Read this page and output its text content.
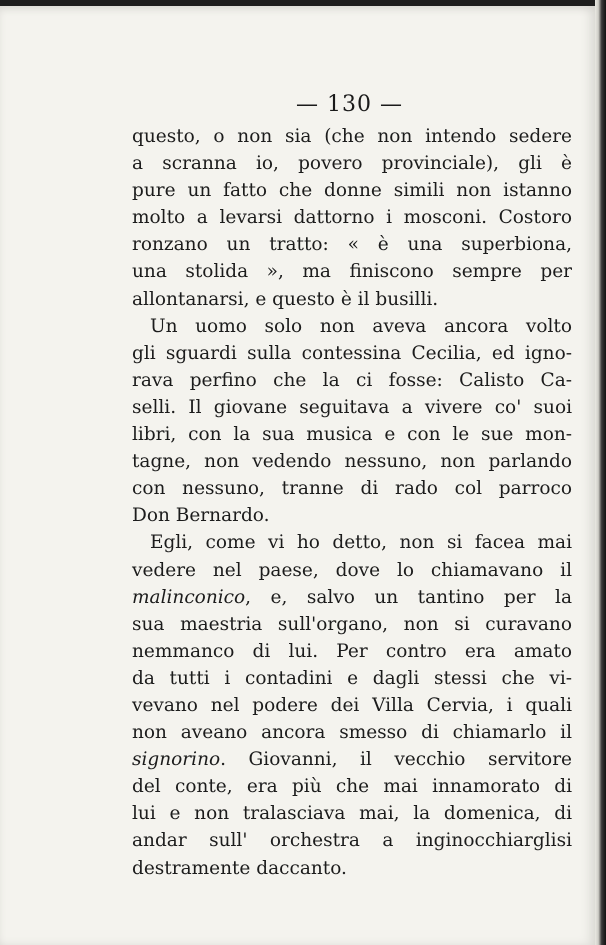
— 130 —
questo, o non sia (che non intendo sedere
a scranna io, povero provinciale), gli è
pure un fatto che donne simili non istanno
molto a levarsi dattorno i mosconi. Costoro
ronzano un tratto: « è una superbiona,
una stolida », ma finiscono sempre per
allontanarsi, e questo è il busilli.
Un uomo solo non aveva ancora volto
gli sguardi sulla contessina Cecilia, ed igno-
rava perfino che la ci fosse: Calisto Ca-
selli. Il giovane seguitava a vivere co' suoi
libri, con la sua musica e con le sue mon-
tagne, non vedendo nessuno, non parlando
con nessuno, tranne di rado col parroco
Don Bernardo.
Egli, come vi ho detto, non si facea mai
vedere nel paese, dove lo chiamavano il
malinconico, e, salvo un tantino per la
sua maestria sull'organo, non si curavano
nemmanco di lui. Per contro era amato
da tutti i contadini e dagli stessi che vi-
vevano nel podere dei Villa Cervia, i quali
non aveano ancora smesso di chiamarlo il
signorino. Giovanni, il vecchio servitore
del conte, era più che mai innamorato di
lui e non tralasciava mai, la domenica, di
andar sull' orchestra a inginocchiarglisi
destramente daccanto.
